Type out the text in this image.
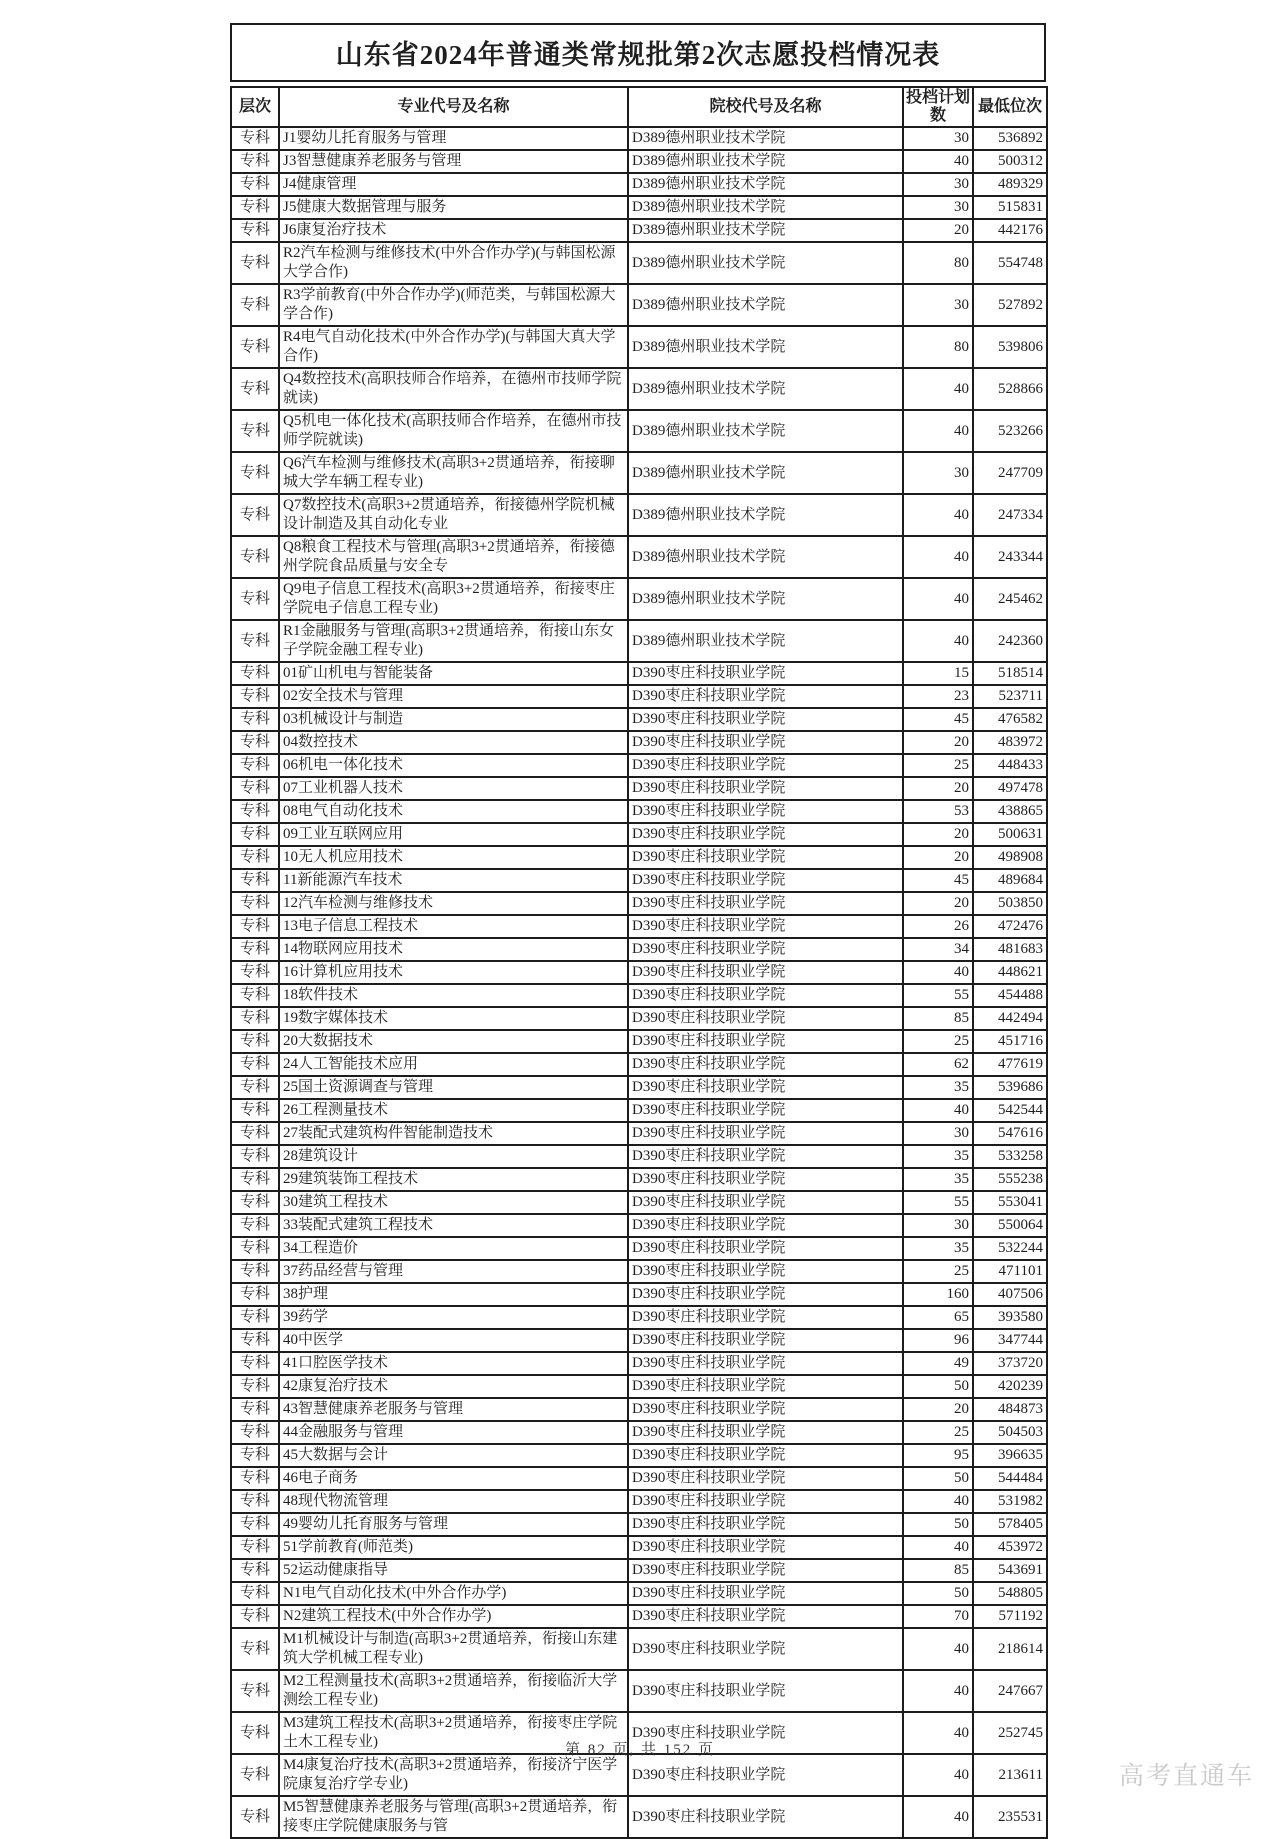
山东省2024年普通类常规批第2次志愿投档情况表
层次	专业代号及名称	院校代号及名称	投档计划数	最低位次
专科	J1婴幼儿托育服务与管理	D389德州职业技术学院	30	536892
专科	J3智慧健康养老服务与管理	D389德州职业技术学院	40	500312
专科	J4健康管理	D389德州职业技术学院	30	489329
专科	J5健康大数据管理与服务	D389德州职业技术学院	30	515831
专科	J6康复治疗技术	D389德州职业技术学院	20	442176
专科	R2汽车检测与维修技术(中外合作办学)(与韩国松源大学合作)	D389德州职业技术学院	80	554748
专科	R3学前教育(中外合作办学)(师范类，与韩国松源大学合作)	D389德州职业技术学院	30	527892
专科	R4电气自动化技术(中外合作办学)(与韩国大真大学合作)	D389德州职业技术学院	80	539806
专科	Q4数控技术(高职技师合作培养，在德州市技师学院就读)	D389德州职业技术学院	40	528866
专科	Q5机电一体化技术(高职技师合作培养，在德州市技师学院就读)	D389德州职业技术学院	40	523266
专科	Q6汽车检测与维修技术(高职3+2贯通培养，衔接聊城大学车辆工程专业)	D389德州职业技术学院	30	247709
专科	Q7数控技术(高职3+2贯通培养，衔接德州学院机械设计制造及其自动化专业	D389德州职业技术学院	40	247334
专科	Q8粮食工程技术与管理(高职3+2贯通培养，衔接德州学院食品质量与安全专	D389德州职业技术学院	40	243344
专科	Q9电子信息工程技术(高职3+2贯通培养，衔接枣庄学院电子信息工程专业)	D389德州职业技术学院	40	245462
专科	R1金融服务与管理(高职3+2贯通培养，衔接山东女子学院金融工程专业)	D389德州职业技术学院	40	242360
专科	01矿山机电与智能装备	D390枣庄科技职业学院	15	518514
专科	02安全技术与管理	D390枣庄科技职业学院	23	523711
专科	03机械设计与制造	D390枣庄科技职业学院	45	476582
专科	04数控技术	D390枣庄科技职业学院	20	483972
专科	06机电一体化技术	D390枣庄科技职业学院	25	448433
专科	07工业机器人技术	D390枣庄科技职业学院	20	497478
专科	08电气自动化技术	D390枣庄科技职业学院	53	438865
专科	09工业互联网应用	D390枣庄科技职业学院	20	500631
专科	10无人机应用技术	D390枣庄科技职业学院	20	498908
专科	11新能源汽车技术	D390枣庄科技职业学院	45	489684
专科	12汽车检测与维修技术	D390枣庄科技职业学院	20	503850
专科	13电子信息工程技术	D390枣庄科技职业学院	26	472476
专科	14物联网应用技术	D390枣庄科技职业学院	34	481683
专科	16计算机应用技术	D390枣庄科技职业学院	40	448621
专科	18软件技术	D390枣庄科技职业学院	55	454488
专科	19数字媒体技术	D390枣庄科技职业学院	85	442494
专科	20大数据技术	D390枣庄科技职业学院	25	451716
专科	24人工智能技术应用	D390枣庄科技职业学院	62	477619
专科	25国土资源调查与管理	D390枣庄科技职业学院	35	539686
专科	26工程测量技术	D390枣庄科技职业学院	40	542544
专科	27装配式建筑构件智能制造技术	D390枣庄科技职业学院	30	547616
专科	28建筑设计	D390枣庄科技职业学院	35	533258
专科	29建筑装饰工程技术	D390枣庄科技职业学院	35	555238
专科	30建筑工程技术	D390枣庄科技职业学院	55	553041
专科	33装配式建筑工程技术	D390枣庄科技职业学院	30	550064
专科	34工程造价	D390枣庄科技职业学院	35	532244
专科	37药品经营与管理	D390枣庄科技职业学院	25	471101
专科	38护理	D390枣庄科技职业学院	160	407506
专科	39药学	D390枣庄科技职业学院	65	393580
专科	40中医学	D390枣庄科技职业学院	96	347744
专科	41口腔医学技术	D390枣庄科技职业学院	49	373720
专科	42康复治疗技术	D390枣庄科技职业学院	50	420239
专科	43智慧健康养老服务与管理	D390枣庄科技职业学院	20	484873
专科	44金融服务与管理	D390枣庄科技职业学院	25	504503
专科	45大数据与会计	D390枣庄科技职业学院	95	396635
专科	46电子商务	D390枣庄科技职业学院	50	544484
专科	48现代物流管理	D390枣庄科技职业学院	40	531982
专科	49婴幼儿托育服务与管理	D390枣庄科技职业学院	50	578405
专科	51学前教育(师范类)	D390枣庄科技职业学院	40	453972
专科	52运动健康指导	D390枣庄科技职业学院	85	543691
专科	N1电气自动化技术(中外合作办学)	D390枣庄科技职业学院	50	548805
专科	N2建筑工程技术(中外合作办学)	D390枣庄科技职业学院	70	571192
专科	M1机械设计与制造(高职3+2贯通培养，衔接山东建筑大学机械工程专业)	D390枣庄科技职业学院	40	218614
专科	M2工程测量技术(高职3+2贯通培养，衔接临沂大学测绘工程专业)	D390枣庄科技职业学院	40	247667
专科	M3建筑工程技术(高职3+2贯通培养，衔接枣庄学院土木工程专业)	D390枣庄科技职业学院	40	252745
专科	M4康复治疗技术(高职3+2贯通培养，衔接济宁医学院康复治疗学专业)	D390枣庄科技职业学院	40	213611
专科	M5智慧健康养老服务与管理(高职3+2贯通培养，衔接枣庄学院健康服务与管	D390枣庄科技职业学院	40	235531
第 82 页, 共 152 页
高考直通车
